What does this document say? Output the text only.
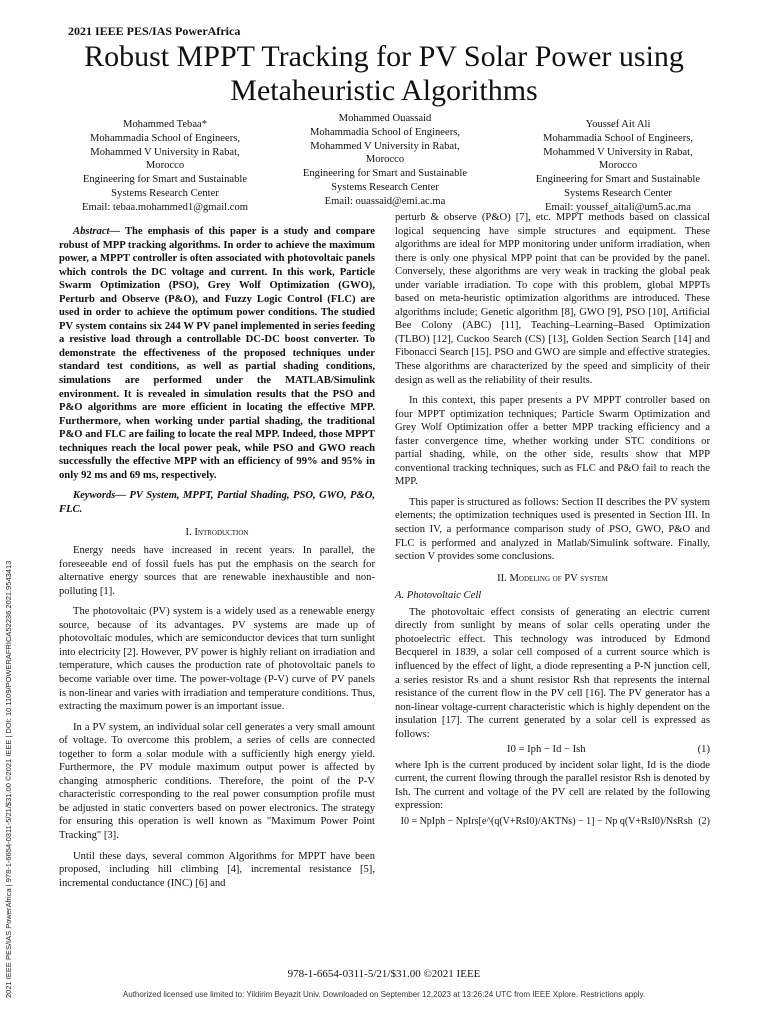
2021 IEEE PES/IAS PowerAfrica
Robust MPPT Tracking for PV Solar Power using
Metaheuristic Algorithms
Mohammed Tebaa*
Mohammadia School of Engineers,
Mohammed V University in Rabat,
Morocco
Engineering for Smart and Sustainable
Systems Research Center
Email: tebaa.mohammed1@gmail.com
Mohammed Ouassaid
Mohammadia School of Engineers,
Mohammed V University in Rabat,
Morocco
Engineering for Smart and Sustainable
Systems Research Center
Email: ouassaid@emi.ac.ma
Youssef Ait Ali
Mohammadia School of Engineers,
Mohammed V University in Rabat,
Morocco
Engineering for Smart and Sustainable
Systems Research Center
Email: youssef_aitali@um5.ac.ma

Abstract— The emphasis of this paper is a study and compare robust of MPP tracking algorithms. In order to achieve the maximum power, a MPPT controller is often associated with photovoltaic panels which controls the DC voltage and current. In this work, Particle Swarm Optimization (PSO), Grey Wolf Optimization (GWO), Perturb and Observe (P&O), and Fuzzy Logic Control (FLC) are used in order to achieve the optimum power conditions. The studied PV system contains six 244 W PV panel implemented in series feeding a resistive load through a controllable DC-DC boost converter. To demonstrate the effectiveness of the proposed techniques under standard test conditions, as well as partial shading conditions, simulations are performed under the MATLAB/Simulink environment. It is revealed in simulation results that the PSO and P&O algorithms are more efficient in locating the effective MPP. Furthermore, when working under partial shading, the traditional P&O and FLC are failing to locate the real MPP. Indeed, those MPPT techniques reach the local power peak, while PSO and GWO reach successfully the effective MPP with an efficiency of 99% and 95% in only 92 ms and 69 ms, respectively.

Keywords— PV System, MPPT, Partial Shading, PSO, GWO, P&O, FLC.

I. Introduction

Energy needs have increased in recent years. In parallel, the foreseeable end of fossil fuels has put the emphasis on the search for alternative energy sources that are renewable inexhaustible and non-polluting [1].

The photovoltaic (PV) system is a widely used as a renewable energy source, because of its advantages. PV systems are made up of photovoltaic modules, which are semiconductor devices that turn sunlight into electricity [2]. However, PV power is highly reliant on irradiation and temperature, which causes the production rate of photovoltaic panels to become variable over time. The power-voltage (P-V) curve of PV panels is non-linear and varies with irradiation and temperature conditions. Thus, extracting the maximum power is an important issue.

In a PV system, an individual solar cell generates a very small amount of voltage. To overcome this problem, a series of cells are connected together to form a solar module with a sufficiently high energy yield. Furthermore, the PV module maximum output power is affected by changing atmospheric conditions. Therefore, the point of the P-V characteristic corresponding to the real power consumption profile must be adjusted in static converters based on power electronics. The strategy for ensuring this operation is well known as "Maximum Power Point Tracking" [3].

Until these days, several common Algorithms for MPPT have been proposed, including hill climbing [4], incremental resistance [5], incremental conductance (INC) [6] and

perturb & observe (P&O) [7], etc. MPPT methods based on classical logical sequencing have simple structures and equipment. These algorithms are ideal for MPP monitoring under uniform irradiation, when there is only one physical MPP point that can be provided by the panel. Conversely, these algorithms are very weak in tracking the global peak under variable irradiation. To cope with this problem, global MPPTs based on meta-heuristic optimization algorithms are introduced. These algorithms include; Genetic algorithm [8], GWO [9], PSO [10], Artificial Bee Colony (ABC) [11], Teaching–Learning–Based Optimization (TLBO) [12], Cuckoo Search (CS) [13], Golden Section Search [14] and Fibonacci Search [15]. PSO and GWO are simple and effective strategies. These algorithms are characterized by the speed and simplicity of their design as well as the reliability of their results.

In this context, this paper presents a PV MPPT controller based on four MPPT optimization techniques; Particle Swarm Optimization and Grey Wolf Optimization offer a better MPP tracking efficiency and a faster convergence time, whether working under STC conditions or partial shading, while, on the other side, results show that MPP conventional tracking techniques, such as FLC and P&O fail to reach the MPP.

This paper is structured as follows: Section II describes the PV system elements; the optimization techniques used is presented in Section III. In section IV, a performance comparison study of PSO, GWO, P&O and FLC is performed and analyzed in Matlab/Simulink software. Finally, section V provides some conclusions.

II. Modeling of PV system
A. Photovoltaic Cell

The photovoltaic effect consists of generating an electric current directly from sunlight by means of solar cells operating under the photoelectric effect. This technology was introduced by Edmond Becquerel in 1839, a solar cell composed of a current source which is influenced by the effect of light, a diode representing a P-N junction cell, a series resistor Rs and a shunt resistor Rsh that represents the internal resistance of the current flow in the PV cell [16]. The PV generator has a non-linear voltage-current characteristic which is highly dependent on the insulation [17]. The current generated by a solar cell is expressed as follows:

I0 = Iph − Id − Ish	(1)

where Iph is the current produced by incident solar light, Id is the diode current, the current flowing through the parallel resistor Rsh is denoted by Ish. The current and voltage of the PV cell are related by the following expression:

I0 = NpIph − NpIrs[e^(q(V+RsI0)/AKTNs) − 1] − Np q(V+RsI0)/NsRsh (2)
2021 IEEE PES/IAS PowerAfrica | 978-1-6654-0311-5/21/$31.00 ©2021 IEEE | DOI: 10.1109/POWERAFRICA52236.2021.9543413	978-1-6654-0311-5/21/$31.00 ©2021 IEEE
Authorized licensed use limited to: Yildirim Beyazit Univ. Downloaded on September 12,2023 at 13:26:24 UTC from IEEE Xplore. Restrictions apply.
